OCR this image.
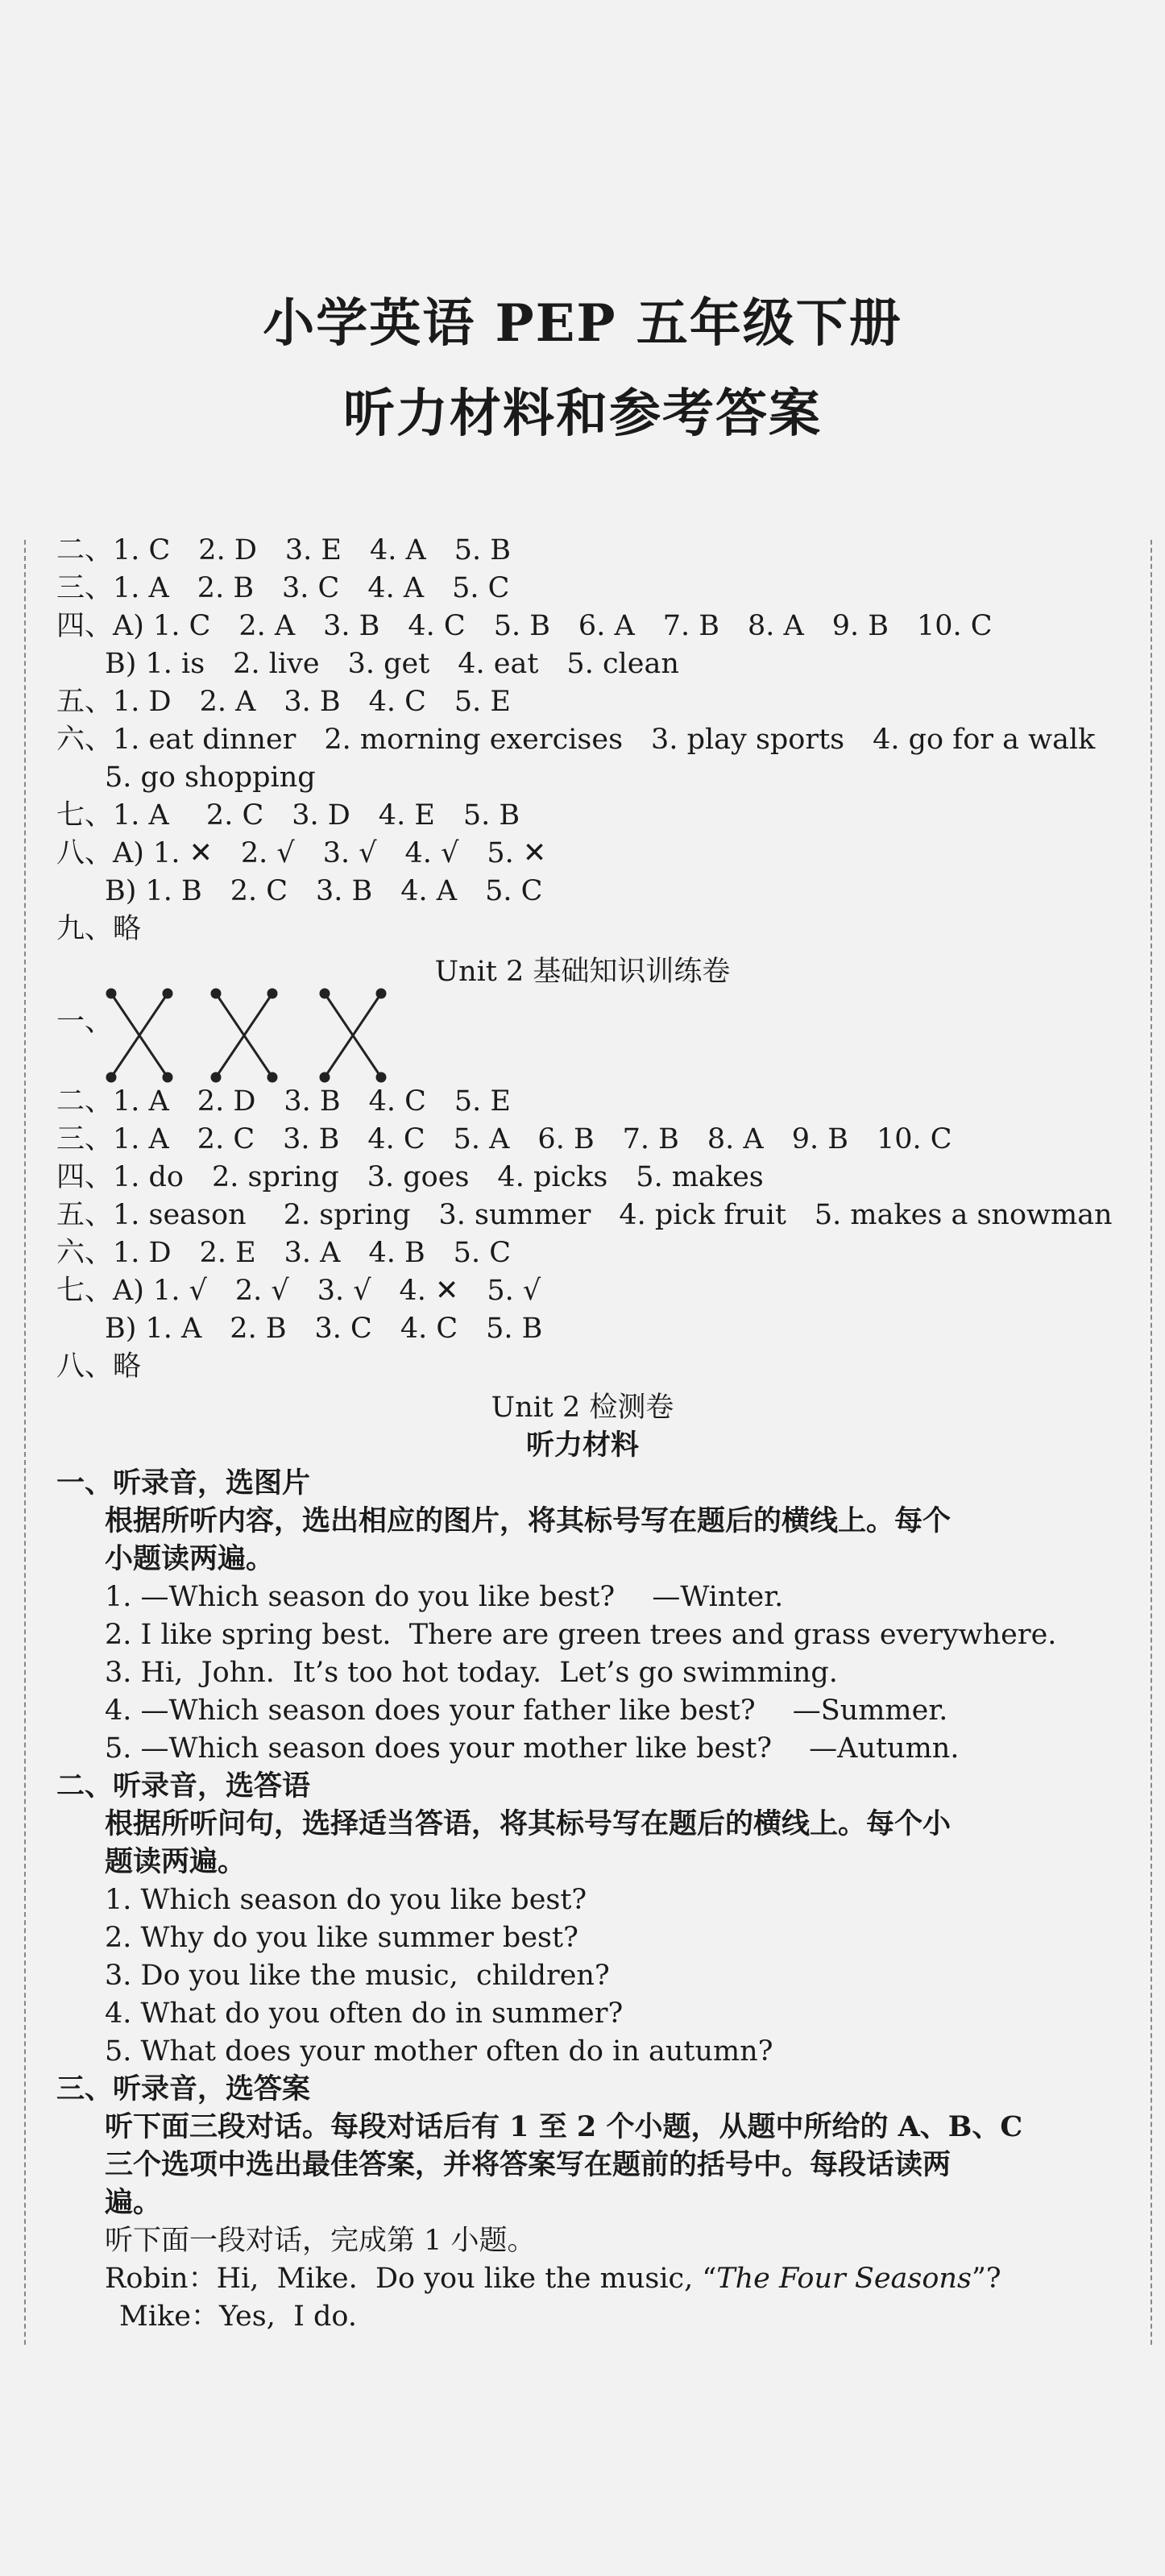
小学英语 PEP 五年级下册
听力材料和参考答案
二、1. C　2. D　3. E　4. A　5. B
三、1. A　2. B　3. C　4. A　5. C
四、A) 1. C　2. A　3. B　4. C　5. B　6. A　7. B　8. A　9. B　10. C
B) 1. is　2. live　3. get　4. eat　5. clean
五、1. D　2. A　3. B　4. C　5. E
六、1. eat dinner　2. morning exercises　3. play sports　4. go for a walk
5. go shopping
七、1. A　 2. C　3. D　4. E　5. B
八、A) 1. ✕　2. √　3. √　4. √　5. ✕
B) 1. B　2. C　3. B　4. A　5. C
九、略
Unit 2 基础知识训练卷
一、
二、1. A　2. D　3. B　4. C　5. E
三、1. A　2. C　3. B　4. C　5. A　6. B　7. B　8. A　9. B　10. C
四、1. do　2. spring　3. goes　4. picks　5. makes
五、1. season　 2. spring　3. summer　4. pick fruit　5. makes a snowman
六、1. D　2. E　3. A　4. B　5. C
七、A) 1. √　2. √　3. √　4. ✕　5. √
B) 1. A　2. B　3. C　4. C　5. B
八、略
Unit 2 检测卷
听力材料
一、听录音，选图片
根据所听内容，选出相应的图片，将其标号写在题后的横线上。每个
小题读两遍。
1. —Which season do you like best?　 —Winter.
2. I like spring best.  There are green trees and grass everywhere.
3. Hi,  John.  It’s too hot today.  Let’s go swimming.
4. —Which season does your father like best?　 —Summer.
5. —Which season does your mother like best?　 —Autumn.
二、听录音，选答语
根据所听问句，选择适当答语，将其标号写在题后的横线上。每个小
题读两遍。
1. Which season do you like best?
2. Why do you like summer best?
3. Do you like the music,  children?
4. What do you often do in summer?
5. What does your mother often do in autumn?
三、听录音，选答案
听下面三段对话。每段对话后有 1 至 2 个小题，从题中所给的 A、B、C
三个选项中选出最佳答案，并将答案写在题前的括号中。每段话读两
遍。
听下面一段对话，完成第 1 小题。
Robin：Hi,  Mike.  Do you like the music, “The Four Seasons”?
Mike：Yes,  I do.
